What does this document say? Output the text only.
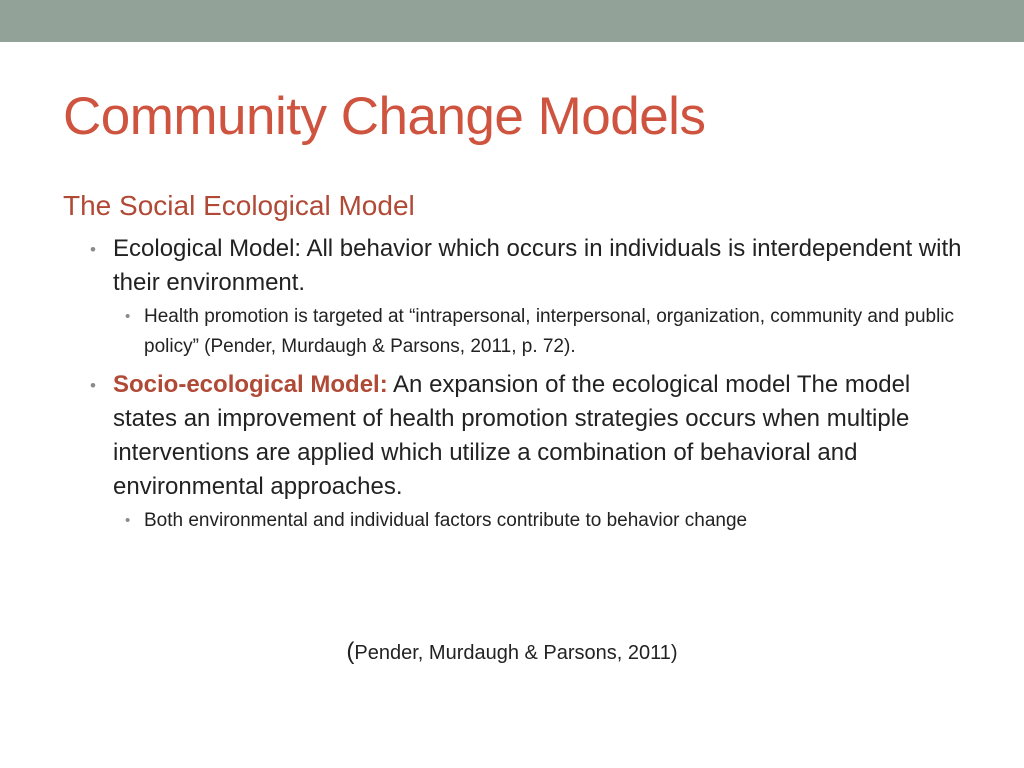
Community Change Models
The Social Ecological Model
• Ecological Model: All behavior which occurs in individuals is interdependent with their environment.
• Health promotion is targeted at “intrapersonal, interpersonal, organization, community and public policy” (Pender, Murdaugh & Parsons, 2011, p. 72).
• Socio-ecological Model: An expansion of the ecological model The model states an improvement of health promotion strategies occurs when multiple interventions are applied which utilize a combination of behavioral and environmental approaches.
• Both environmental and individual factors contribute to behavior change
(Pender, Murdaugh & Parsons, 2011)
